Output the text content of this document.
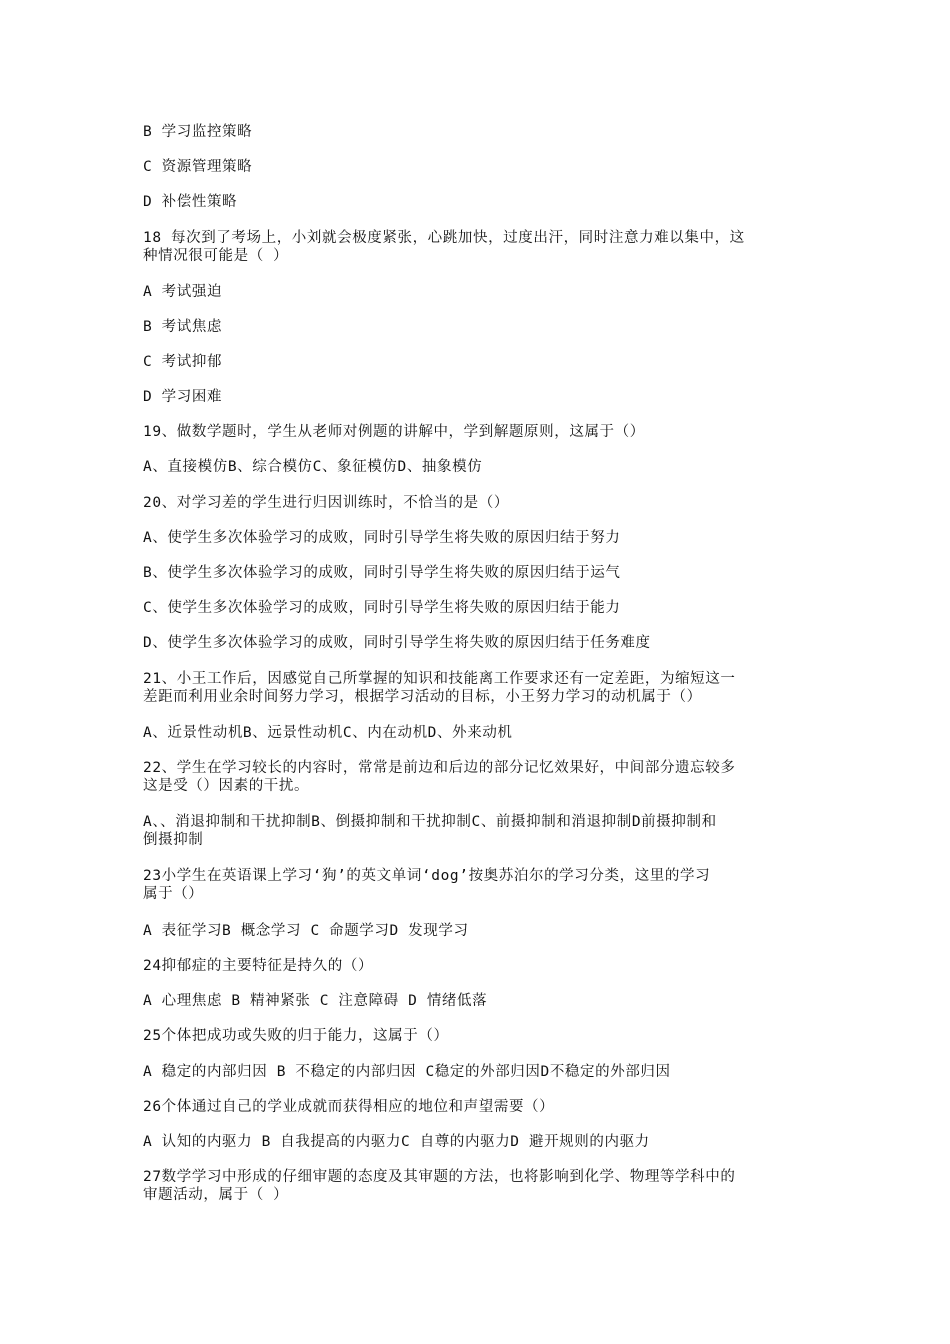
B 学习监控策略
C 资源管理策略
D 补偿性策略
18 每次到了考场上，小刘就会极度紧张，心跳加快，过度出汗，同时注意力难以集中，这
种情况很可能是（ ）
A 考试强迫
B 考试焦虑
C 考试抑郁
D 学习困难
19、做数学题时，学生从老师对例题的讲解中，学到解题原则，这属于（）
A、直接模仿B、综合模仿C、象征模仿D、抽象模仿
20、对学习差的学生进行归因训练时，不恰当的是（）
A、使学生多次体验学习的成败，同时引导学生将失败的原因归结于努力
B、使学生多次体验学习的成败，同时引导学生将失败的原因归结于运气
C、使学生多次体验学习的成败，同时引导学生将失败的原因归结于能力
D、使学生多次体验学习的成败，同时引导学生将失败的原因归结于任务难度
21、小王工作后，因感觉自己所掌握的知识和技能离工作要求还有一定差距，为缩短这一
差距而利用业余时间努力学习，根据学习活动的目标，小王努力学习的动机属于（）
A、近景性动机B、远景性动机C、内在动机D、外来动机
22、学生在学习较长的内容时，常常是前边和后边的部分记忆效果好，中间部分遗忘较多
这是受（）因素的干扰。
A、、消退抑制和干扰抑制B、倒摄抑制和干扰抑制C、前摄抑制和消退抑制D前摄抑制和
倒摄抑制
23小学生在英语课上学习‘狗’的英文单词‘dog’按奥苏泊尔的学习分类，这里的学习
属于（）
A 表征学习B 概念学习 C 命题学习D 发现学习
24抑郁症的主要特征是持久的（）
A 心理焦虑 B 精神紧张 C 注意障碍 D 情绪低落
25个体把成功或失败的归于能力，这属于（）
A 稳定的内部归因 B 不稳定的内部归因 C稳定的外部归因D不稳定的外部归因
26个体通过自己的学业成就而获得相应的地位和声望需要（）
A 认知的内驱力 B 自我提高的内驱力C 自尊的内驱力D 避开规则的内驱力
27数学学习中形成的仔细审题的态度及其审题的方法，也将影响到化学、物理等学科中的
审题活动，属于（ ）
